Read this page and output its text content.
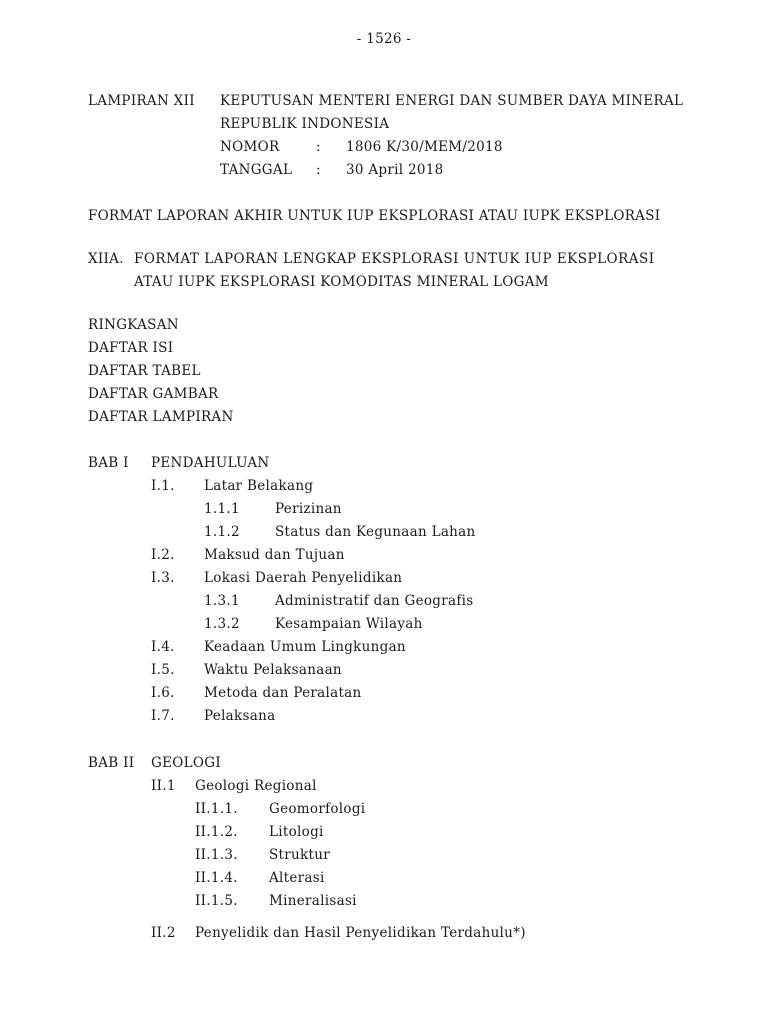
- 1526 -
LAMPIRAN XII KEPUTUSAN MENTERI ENERGI DAN SUMBER DAYA MINERAL
REPUBLIK INDONESIA
NOMOR	: 1806 K/30/MEM/2018
TANGGAL : 30 April 2018
FORMAT LAPORAN AKHIR UNTUK IUP EKSPLORASI ATAU IUPK EKSPLORASI
XIIA. FORMAT LAPORAN LENGKAP EKSPLORASI UNTUK IUP EKSPLORASI
ATAU IUPK EKSPLORASI KOMODITAS MINERAL LOGAM
RINGKASAN
DAFTAR ISI
DAFTAR TABEL
DAFTAR GAMBAR
DAFTAR LAMPIRAN
BAB I PENDAHULUAN
I.1. Latar Belakang
1.1.1	Perizinan
1.1.2	Status dan Kegunaan Lahan
I.2. Maksud dan Tujuan
I.3. Lokasi Daerah Penyelidikan
1.3.1	Administratif dan Geografis
1.3.2	Kesampaian Wilayah
I.4. Keadaan Umum Lingkungan
I.5. Waktu Pelaksanaan
I.6. Metoda dan Peralatan
I.7. Pelaksana
BAB II GEOLOGI
II.1 Geologi Regional
II.1.1. Geomorfologi
II.1.2. Litologi
II.1.3. Struktur
II.1.4. Alterasi
II.1.5. Mineralisasi
II.2 Penyelidik dan Hasil Penyelidikan Terdahulu*)
